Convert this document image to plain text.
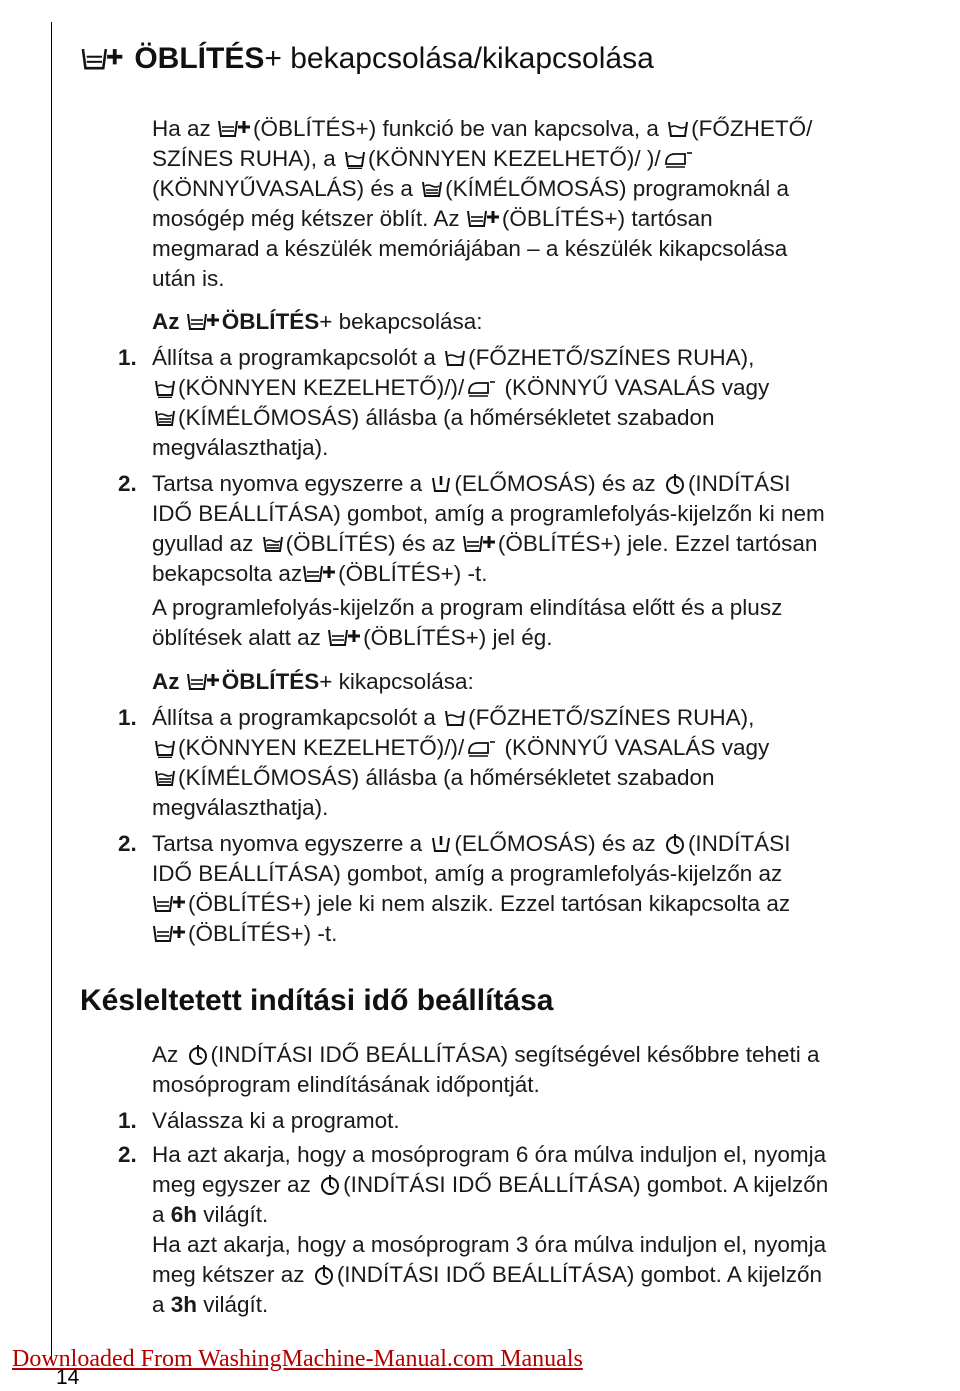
ÖBLÍTÉS+ bekapcsolása/kikapcsolása
Ha az
(ÖBLÍTÉS+) funkció be van kapcsolva, a
(FŐZHETŐ/
SZÍNES RUHA), a
(KÖNNYEN KEZELHETŐ)/ )/
(KÖNNYŰVASALÁS) és a
(KÍMÉLŐMOSÁS) programoknál a
mosógép még kétszer öblít. Az
(ÖBLÍTÉS+) tartósan
megmarad a készülék memóriájában – a készülék kikapcsolása
után is.
Az
ÖBLÍTÉS+ bekapcsolása:
1. Állítsa a programkapcsolót a
(FŐZHETŐ/SZÍNES RUHA),
(KÖNNYEN KEZELHETŐ)/)/
(KÖNNYŰ VASALÁS vagy
(KÍMÉLŐMOSÁS) állásba (a hőmérsékletet szabadon
megválaszthatja).
2. Tartsa nyomva egyszerre a
(ELŐMOSÁS) és az
(INDÍTÁSI
IDŐ BEÁLLÍTÁSA) gombot, amíg a programlefolyás-kijelzőn ki nem
gyullad az
(ÖBLÍTÉS) és az
(ÖBLÍTÉS+) jele. Ezzel tartósan
bekapcsolta az (ÖBLÍTÉS+) -t.
A programlefolyás-kijelzőn a program elindítása előtt és a plusz
öblítések alatt az
(ÖBLÍTÉS+) jel ég.
Az
ÖBLÍTÉS+ kikapcsolása:
1. Állítsa a programkapcsolót a
(FŐZHETŐ/SZÍNES RUHA),
(KÖNNYEN KEZELHETŐ)/)/
(KÖNNYŰ VASALÁS vagy
(KÍMÉLŐMOSÁS) állásba (a hőmérsékletet szabadon
megválaszthatja).
2. Tartsa nyomva egyszerre a
(ELŐMOSÁS) és az
(INDÍTÁSI
IDŐ BEÁLLÍTÁSA) gombot, amíg a programlefolyás-kijelzőn az
(ÖBLÍTÉS+) jele ki nem alszik. Ezzel tartósan kikapcsolta az
(ÖBLÍTÉS+) -t.
Késleltetett indítási idő beállítása
Az
(INDÍTÁSI IDŐ BEÁLLÍTÁSA) segítségével későbbre teheti a
mosóprogram elindításának időpontját.
1. Válassza ki a programot.
2. Ha azt akarja, hogy a mosóprogram 6 óra múlva induljon el, nyomja
meg egyszer az
(INDÍTÁSI IDŐ BEÁLLÍTÁSA) gombot. A kijelzőn
a 6h világít.
Ha azt akarja, hogy a mosóprogram 3 óra múlva induljon el, nyomja
meg kétszer az
(INDÍTÁSI IDŐ BEÁLLÍTÁSA) gombot. A kijelzőn
a 3h világít.
Downloaded From WashingMachine-Manual.com Manuals
14
